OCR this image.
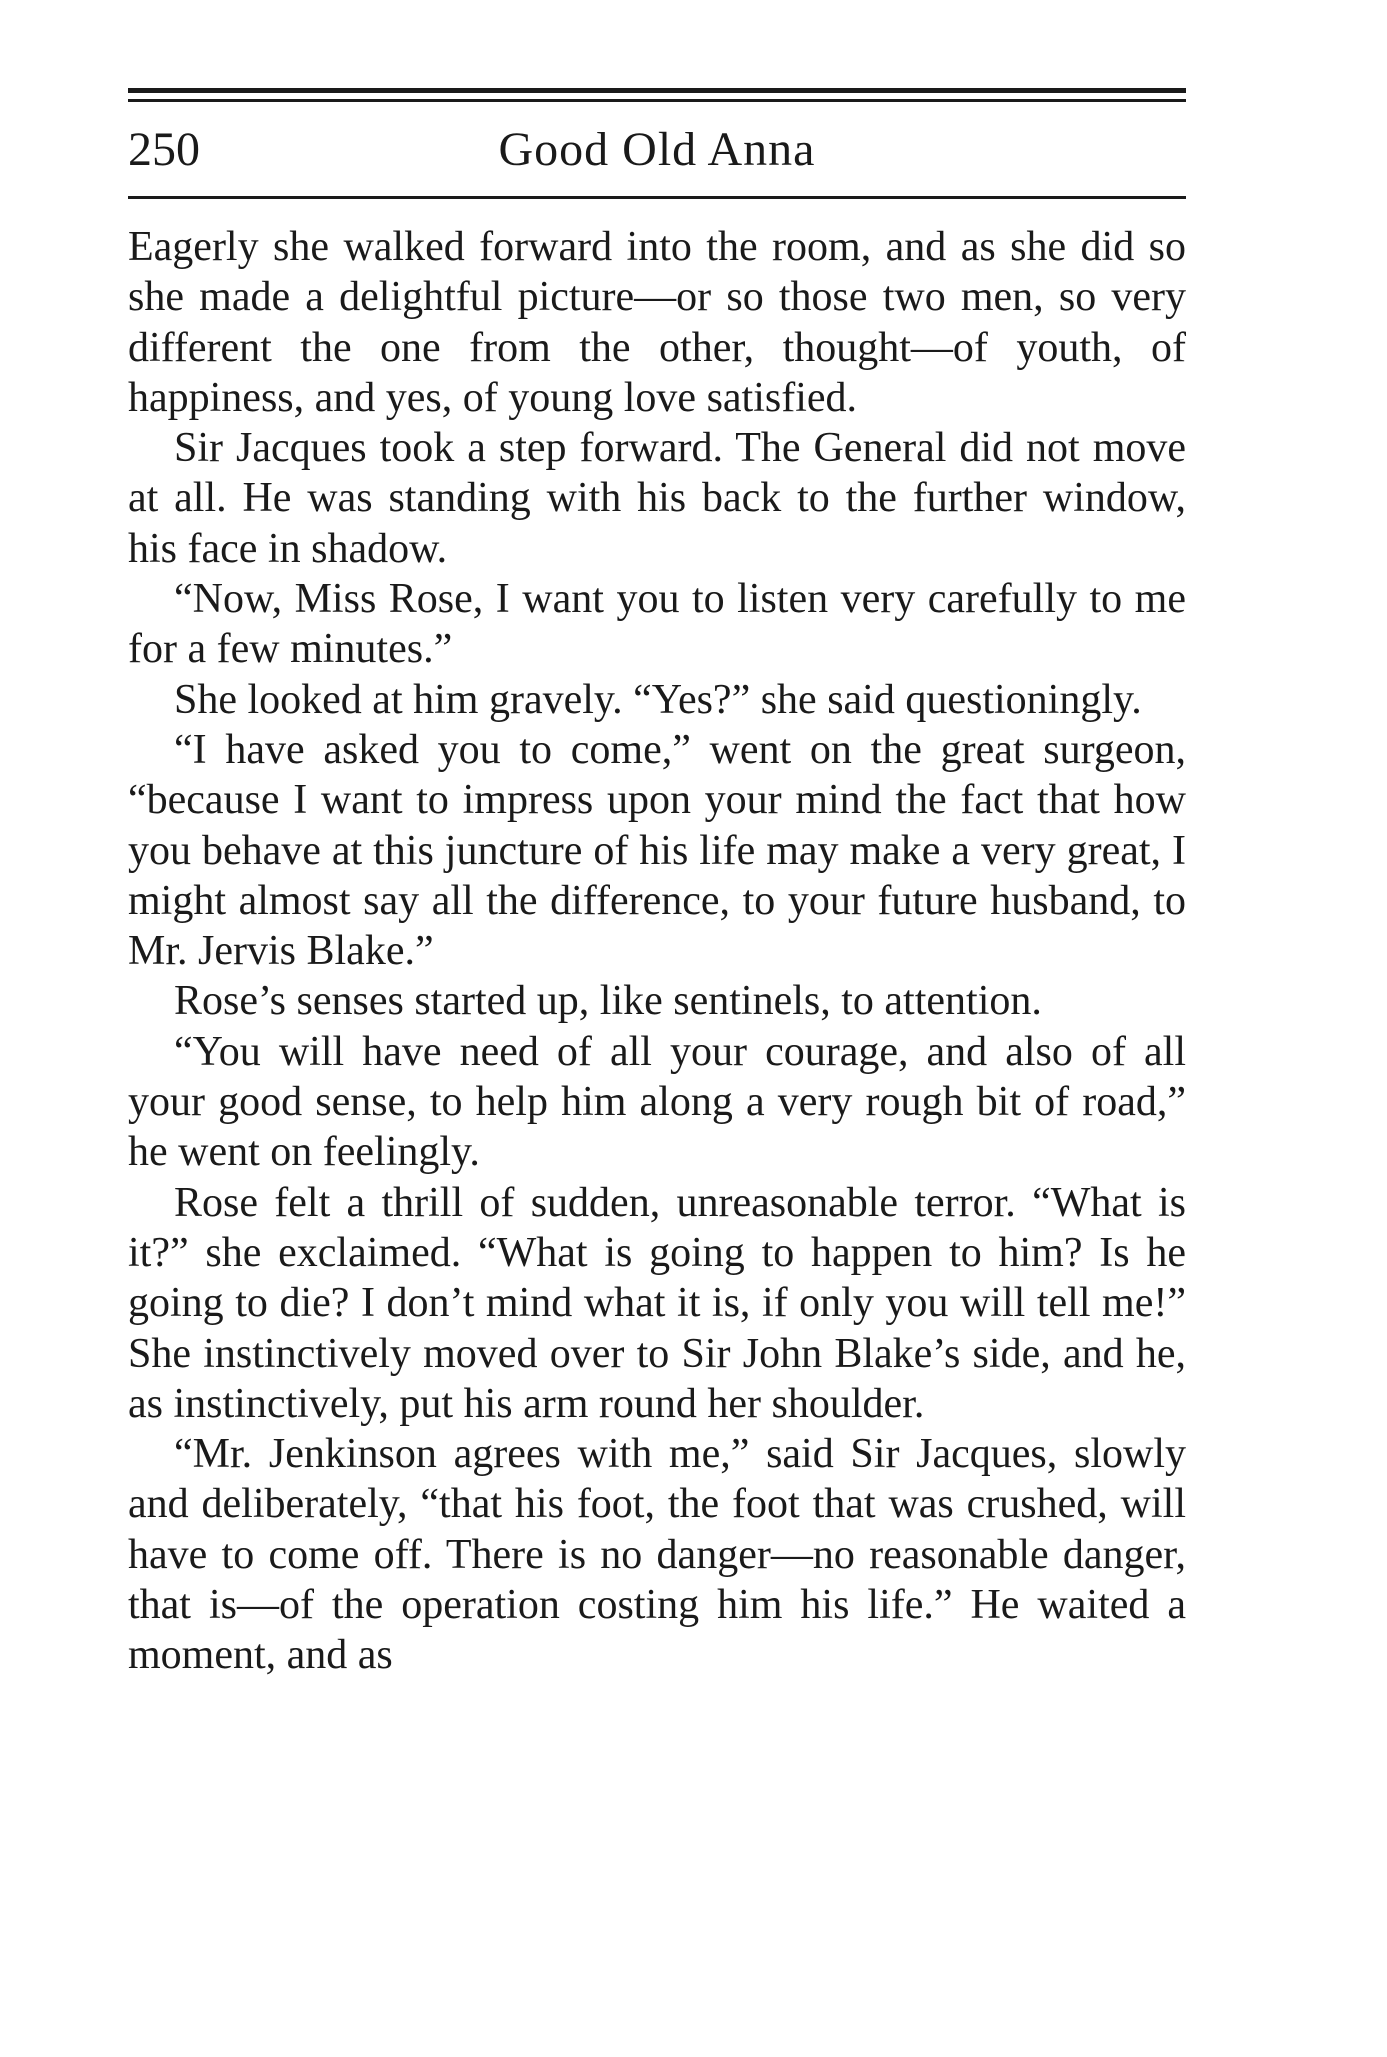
250	Good Old Anna

Eagerly she walked forward into the room, and as she did so she made a delightful picture—or so those two men, so very different the one from the other, thought—of youth, of happiness, and yes, of young love satisfied.

Sir Jacques took a step forward. The General did not move at all. He was standing with his back to the further window, his face in shadow.

“Now, Miss Rose, I want you to listen very carefully to me for a few minutes.”

She looked at him gravely. “Yes?” she said questioningly.

“I have asked you to come,” went on the great surgeon, “because I want to impress upon your mind the fact that how you behave at this juncture of his life may make a very great, I might almost say all the difference, to your future husband, to Mr. Jervis Blake.”

Rose’s senses started up, like sentinels, to attention.

“You will have need of all your courage, and also of all your good sense, to help him along a very rough bit of road,” he went on feelingly.

Rose felt a thrill of sudden, unreasonable terror. “What is it?” she exclaimed. “What is going to happen to him? Is he going to die? I don’t mind what it is, if only you will tell me!” She instinctively moved over to Sir John Blake’s side, and he, as instinctively, put his arm round her shoulder.

“Mr. Jenkinson agrees with me,” said Sir Jacques, slowly and deliberately, “that his foot, the foot that was crushed, will have to come off. There is no danger—no reasonable danger, that is—of the operation costing him his life.” He waited a moment, and as
